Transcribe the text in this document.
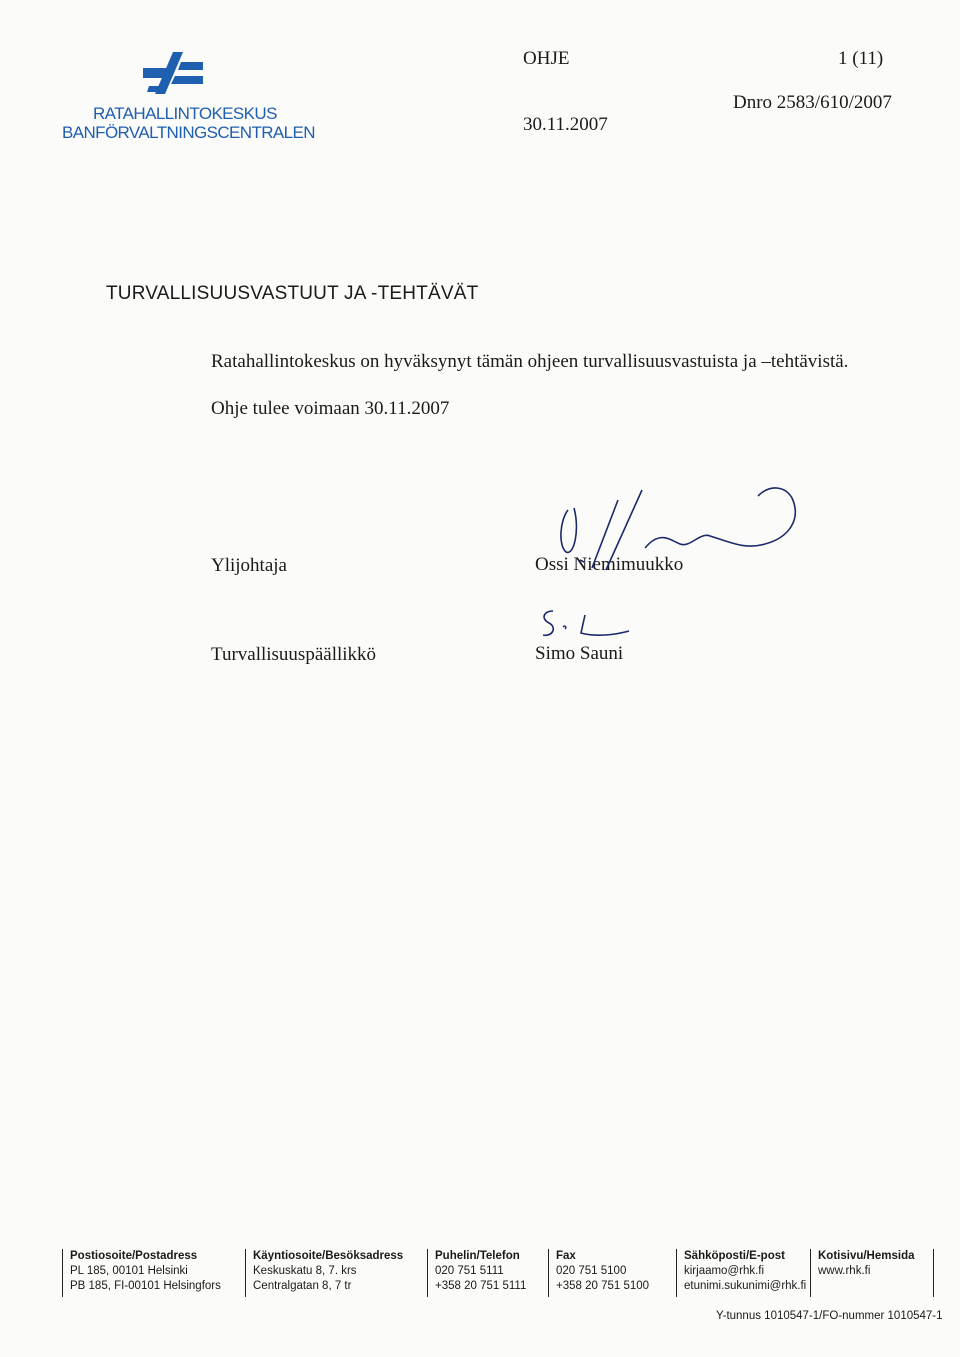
RATAHALLINTOKESKUS
BANFÖRVALTNINGSCENTRALEN
OHJE	1 (11)
30.11.2007
Dnro 2583/610/2007
TURVALLISUUSVASTUUT JA -TEHTÄVÄT
Ratahallintokeskus on hyväksynyt tämän ohjeen turvallisuusvastuista ja –tehtävistä.
Ohje tulee voimaan 30.11.2007
Ylijohtaja	Ossi Niemimuukko
Turvallisuuspäällikkö	Simo Sauni
Postiosoite/Postadress
PL 185, 00101 Helsinki
PB 185, FI-00101 Helsingfors
Käyntiosoite/Besöksadress
Keskuskatu 8, 7. krs
Centralgatan 8, 7 tr
Puhelin/Telefon
020 751 5111
+358 20 751 5111
Fax
020 751 5100
+358 20 751 5100
Sähköposti/E-post
kirjaamo@rhk.fi
etunimi.sukunimi@rhk.fi
Kotisivu/Hemsida
www.rhk.fi
Y-tunnus 1010547-1/FO-nummer 1010547-1
